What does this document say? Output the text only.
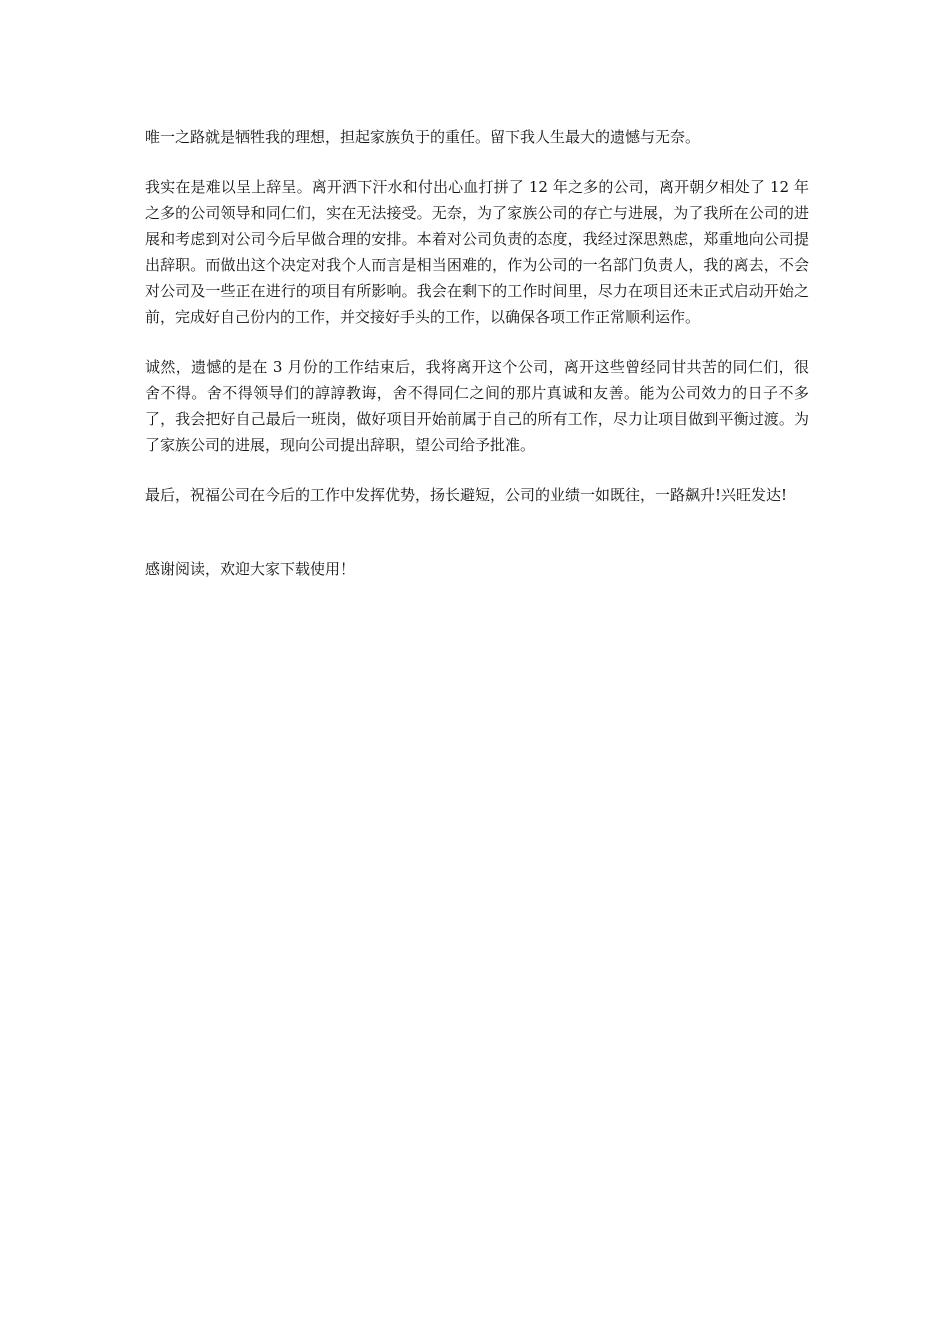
唯一之路就是牺牲我的理想，担起家族负于的重任。留下我人生最大的遗憾与无奈。

我实在是难以呈上辞呈。离开洒下汗水和付出心血打拼了 12 年之多的公司，离开朝夕相处了 12 年之多的公司领导和同仁们，实在无法接受。无奈，为了家族公司的存亡与进展，为了我所在公司的进展和考虑到对公司今后早做合理的安排。本着对公司负责的态度，我经过深思熟虑，郑重地向公司提出辞职。而做出这个决定对我个人而言是相当困难的，作为公司的一名部门负责人，我的离去，不会对公司及一些正在进行的项目有所影响。我会在剩下的工作时间里，尽力在项目还未正式启动开始之前，完成好自己份内的工作，并交接好手头的工作，以确保各项工作正常顺利运作。

诚然，遗憾的是在 3 月份的工作结束后，我将离开这个公司，离开这些曾经同甘共苦的同仁们，很舍不得。舍不得领导们的諄諄教诲，舍不得同仁之间的那片真诚和友善。能为公司效力的日子不多了，我会把好自己最后一班岗，做好项目开始前属于自己的所有工作，尽力让项目做到平衡过渡。为了家族公司的进展，现向公司提出辞职，望公司给予批准。

最后，祝福公司在今后的工作中发挥优势，扬长避短，公司的业绩一如既往，一路飙升!兴旺发达!

感谢阅读，欢迎大家下载使用！
